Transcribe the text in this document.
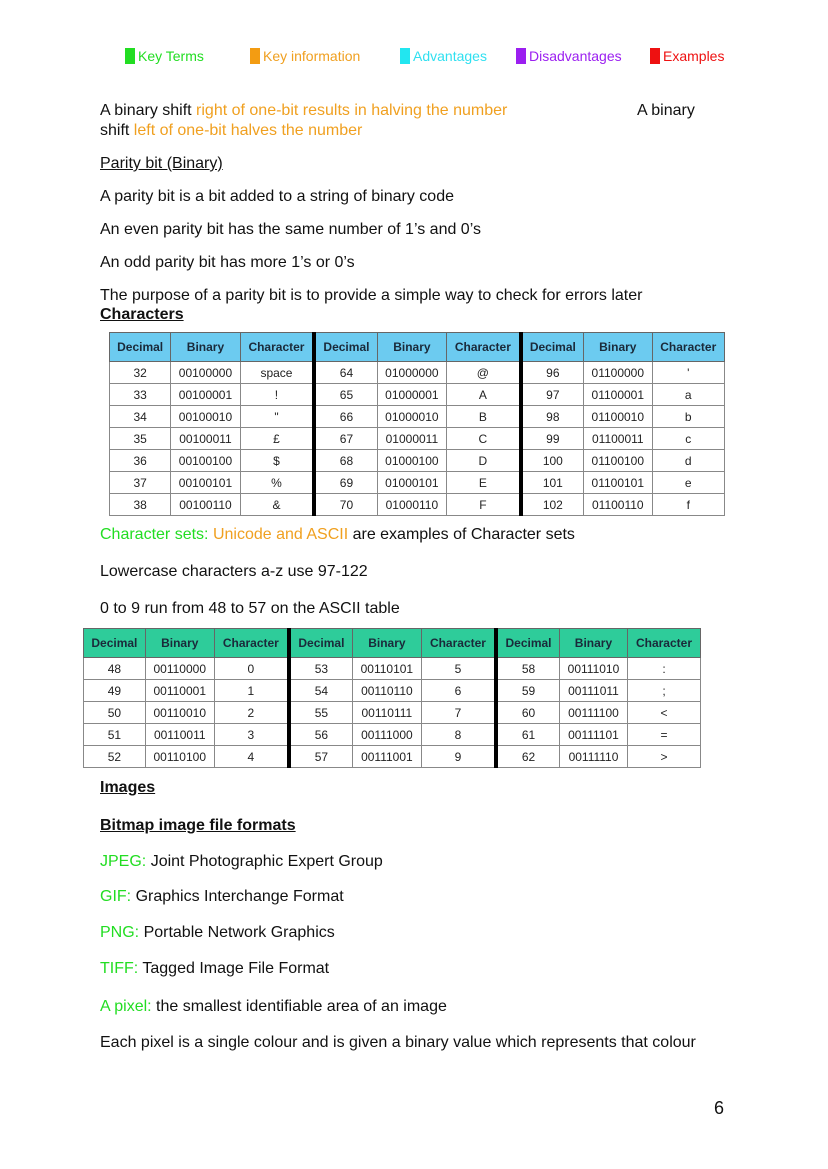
Key Terms	Key information	Advantages	Disadvantages	Examples
A binary shift right of one-bit results in halving the number	A binary
shift left of one-bit halves the number
Parity bit (Binary)
A parity bit is a bit added to a string of binary code
An even parity bit has the same number of 1’s and 0’s
An odd parity bit has more 1’s or 0’s
The purpose of a parity bit is to provide a simple way to check for errors later
Characters
Decimal	Binary	Character	Decimal	Binary	Character	Decimal	Binary	Character
32	00100000	space	64	01000000	@	96	01100000	'
33	00100001	!	65	01000001	A	97	01100001	a
34	00100010	"	66	01000010	B	98	01100010	b
35	00100011	£	67	01000011	C	99	01100011	c
36	00100100	$	68	01000100	D	100	01100100	d
37	00100101	%	69	01000101	E	101	01100101	e
38	00100110	&	70	01000110	F	102	01100110	f
Character sets: Unicode and ASCII are examples of Character sets
Lowercase characters a-z use 97-122
0 to 9 run from 48 to 57 on the ASCII table
Decimal	Binary	Character	Decimal	Binary	Character	Decimal	Binary	Character
48	00110000	0	53	00110101	5	58	00111010	:
49	00110001	1	54	00110110	6	59	00111011	;
50	00110010	2	55	00110111	7	60	00111100	<
51	00110011	3	56	00111000	8	61	00111101	=
52	00110100	4	57	00111001	9	62	00111110	>
Images
Bitmap image file formats
JPEG: Joint Photographic Expert Group
GIF: Graphics Interchange Format
PNG: Portable Network Graphics
TIFF: Tagged Image File Format
A pixel: the smallest identifiable area of an image
Each pixel is a single colour and is given a binary value which represents that colour
6
